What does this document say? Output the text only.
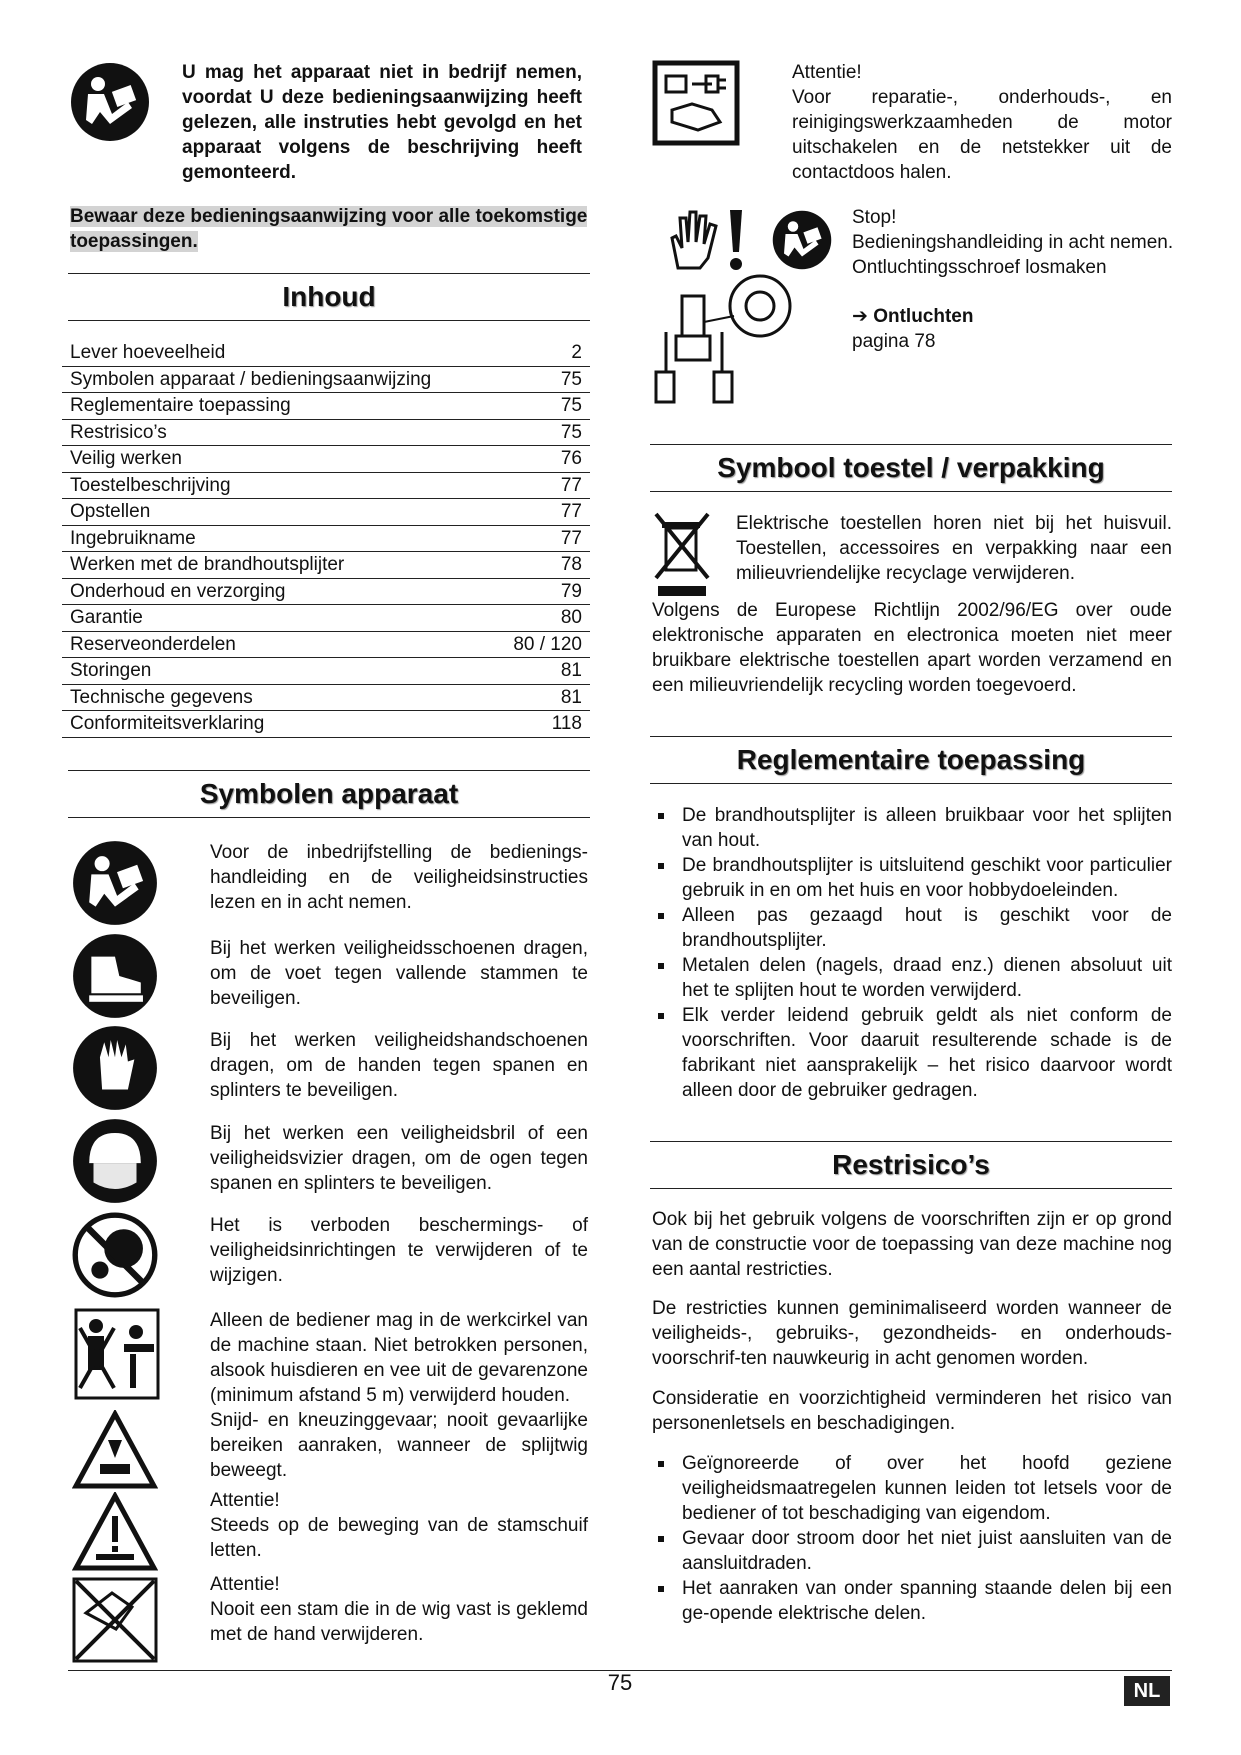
U mag het apparaat niet in bedrijf nemen, voordat U deze bedieningsaanwijzing heeft gelezen, alle instruties hebt gevolgd en het apparaat volgens de beschrijving heeft gemonteerd.
Bewaar deze bedieningsaanwijzing voor alle toekomstige toepassingen.
Inhoud
Lever hoeveelheid	2
Symbolen apparaat / bedieningsaanwijzing	75
Reglementaire toepassing	75
Restrisico’s	75
Veilig werken	76
Toestelbeschrijving	77
Opstellen	77
Ingebruikname	77
Werken met de brandhoutsplijter	78
Onderhoud en verzorging	79
Garantie	80
Reserveonderdelen	80 / 120
Storingen	81
Technische gegevens	81
Conformiteitsverklaring	118
Symbolen apparaat
Voor de inbedrijfstelling de bedienings-handleiding en de veiligheidsinstructies lezen en in acht nemen.
Bij het werken veiligheidsschoenen dragen, om de voet tegen vallende stammen te beveiligen.
Bij het werken veiligheidshandschoenen dragen, om de handen tegen spanen en splinters te beveiligen.
Bij het werken een veiligheidsbril of een veiligheidsvizier dragen, om de ogen tegen spanen en splinters te beveiligen.
Het is verboden beschermings- of veiligheidsinrichtingen te verwijderen of te wijzigen.
Alleen de bediener mag in de werkcirkel van de machine staan. Niet betrokken personen, alsook huisdieren en vee uit de gevarenzone (minimum afstand 5 m) verwijderd houden.
Snijd- en kneuzinggevaar; nooit gevaarlijke bereiken aanraken, wanneer de splijtwig beweegt.
Attentie!
Steeds op de beweging van de stamschuif letten.
Attentie!
Nooit een stam die in de wig vast is geklemd met de hand verwijderen.
Attentie!
Voor reparatie-, onderhouds-, en reinigingswerkzaamheden de motor uitschakelen en de netstekker uit de contactdoos halen.
Stop!
Bedieningshandleiding in acht nemen.
Ontluchtingsschroef losmaken
➔ Ontluchten
pagina 78
Symbool toestel / verpakking
Elektrische toestellen horen niet bij het huisvuil. Toestellen, accessoires en verpakking naar een milieuvriendelijke recyclage verwijderen.
Volgens de Europese Richtlijn 2002/96/EG over oude elektronische apparaten en electronica moeten niet meer bruikbare elektrische toestellen apart worden verzamend en een milieuvriendelijk recycling worden toegevoerd.
Reglementaire toepassing
De brandhoutsplijter is alleen bruikbaar voor het splijten van hout.
De brandhoutsplijter is uitsluitend geschikt voor particulier gebruik in en om het huis en voor hobbydoeleinden.
Alleen pas gezaagd hout is geschikt voor de brandhoutsplijter.
Metalen delen (nagels, draad enz.) dienen absoluut uit het te splijten hout te worden verwijderd.
Elk verder leidend gebruik geldt als niet conform de voorschriften. Voor daaruit resulterende schade is de fabrikant niet aansprakelijk – het risico daarvoor wordt alleen door de gebruiker gedragen.
Restrisico’s
Ook bij het gebruik volgens de voorschriften zijn er op grond van de constructie voor de toepassing van deze machine nog een aantal restricties.
De restricties kunnen geminimaliseerd worden wanneer de veiligheids-, gebruiks-, gezondheids- en onderhouds-voorschrif-ten nauwkeurig in acht genomen worden.
Consideratie en voorzichtigheid verminderen het risico van personenletsels en beschadigingen.
Geïgnoreerde of over het hoofd geziene veiligheidsmaatregelen kunnen leiden tot letsels voor de bediener of tot beschadiging van eigendom.
Gevaar door stroom door het niet juist aansluiten van de aansluitdraden.
Het aanraken van onder spanning staande delen bij een ge-opende elektrische delen.
75	NL
